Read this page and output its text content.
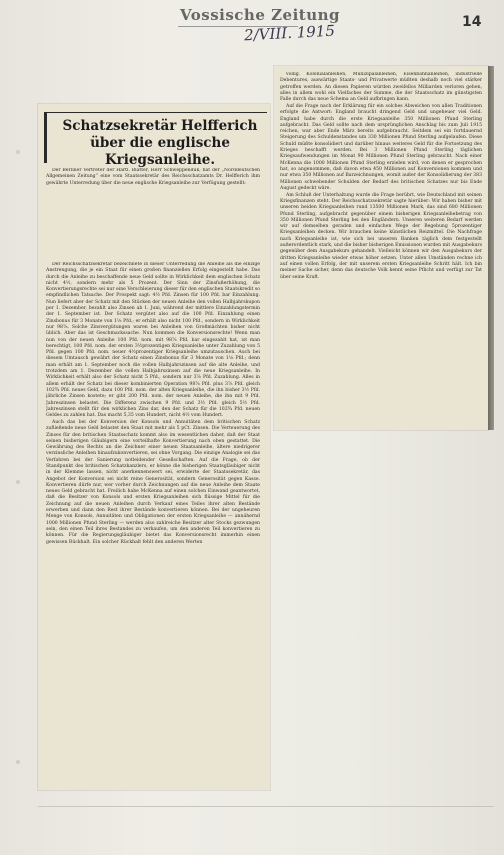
Vossische Zeitung
2/VIII. 1915	14
Schatzsekretär Helfferich über die englische Kriegsanleihe.

Der Berliner Vertreter der Hartl. Blätter, Herr Schweppenduk, hat der „Norddeutschen Allgemeinen Zeitung“ eine vom Staatssekretär des Reichsschatzamts Dr. Helfferich ihm gewährte Unterredung über die neue englische Kriegsanleihe zur Verfügung gestellt:

Der Reichsschatzsekretär bezeichnete in dieser Unterredung die Anleihe als die einzige Anstrengung, die je ein Staat für einen großen finanziellen Erfolg eingestellt habe. Das durch die Anleihe zu beschaffende neue Geld sollte in Wirklichkeit dem englischen Schatz nicht 4½, sondern mehr als 5 Prozent. Der Sinn der Zinsfußerhöhung, die Konvertierungsrechte sei nur eine Verschleierung dieser für den englischen Staatskredit so empfindlichen Tatsache. Der Prospekt sagt: 4½ Pfd. Zinsen für 100 Pfd. bar Einzahlung. Nun liefert aber der Schatz mit den Stücken der neuen Anleihe den vollen Halbjahrskupon per 1. Dezember, bezahlt also Zinsen ab 1. Juni, während der mittlere Einzahlungstermin der 1. September ist. Der Schatz vergütet also auf die 100 Pfd. Einzahlung einen Zinsbonus für 3 Monate von 1⅛ Pfd.; er erhält also nicht 100 Pfd., sondern in Wirklichkeit nur 98⅞. Solche Zinsvergütungen waren bei Anleihen von Großmächten bisher nicht üblich. Aber das ist Geschmackssache. Nun kommen die Konversionsrechte! Wenn man nun von der neuen Anleihe 100 Pfd. nom. mit 98⅞ Pfd. bar eingezahlt hat, ist man berechtigt, 100 Pfd. nom. der ersten 3½prozentigen Kriegsanleihe unter Zuzahlung von 5 Pfd. gegen 100 Pfd. nom. neuer 4½prozentiger Kriegsanleihe umzutauschen. Auch bei diesem Umtausch gewährt der Schatz einen Zinsbonus für 3 Monate von 1⅛ Pfd.; denn man erhält am 1. September noch die vollen Halbjahrszinsen auf die alte Anleihe, und trotzdem am 1. Dezember die vollen Halbjahrszinsen auf die neue Kriegsanleihe. In Wirklichkeit erhält also der Schatz nicht 5 Pfd., sondern nur 3⅞ Pfd. Zuzahlung. Alles in allem erhält der Schatz bei dieser kombinierten Operation 98⅞ Pfd. plus 3⅞ Pfd. gleich 102¾ Pfd. neues Geld, dazu 100 Pfd. nom. der alten Kriegsanleihe, die ihn bisher 3½ Pfd. jährliche Zinsen kostete; er gibt 200 Pfd. nom. der neuen Anleihe, die ihn mit 9 Pfd. Jahreszinsen belastet. Die Differenz zwischen 9 Pfd. und 3½ Pfd. gleich 5½ Pfd. Jahreszinsen stellt für den wirklichen Zins dar, den der Schatz für die 102¾ Pfd. neuen Geldes zu zahlen hat. Das macht 5,35 vom Hundert, nicht 4½ vom Hundert.

Auch das bei der Konversion der Konsols und Annuitäten dem britischen Schatz zufließende neue Geld belastet den Staat mit mehr als 5 pCt. Zinsen. Die Verteuerung des Zinses für den britischen Staatsschatz kommt also im wesentlichen daher, daß der Staat seinen bisherigen Gläubigern eine vorteilhafte Konvertierung nach oben gestattet. Die Gewährung des Rechts an die Zeichner einer neuen Staatsanleihe, ältere niedrigerer verzinsliche Anleihen hinaufzukonvertieren, sei ohne Vorgang. Die einzige Analogie sei das Verfahren bei der Sanierung notleidender Gesellschaften. Auf die Frage, ob der Standpunkt des britischen Schatzkanzlers, er könne die bisherigen Staatsgläubiger nicht in der Klemme lassen, nicht anerkennenswert sei, erwiderte der Staatssekretär, das Angebot der Konversion sei nicht reine Generosität, sondern Generosität gegen Kasse. Konvertieren dürfe nur, wer vorher durch Zeichnungen auf die neue Anleihe dem Staate neues Geld gebracht hat. Freilich habe McKenna auf einen solchen Einwand geantwortet, daß die Besitzer von Konsols und ersten Kriegsanleihen sich flüssige Mittel für die Zeichnung auf die neuen Anleihen durch Verkauf eines Teiles ihrer alten Bestände erwerben und dann den Rest ihrer Bestände konvertieren können. Bei der ungeheuren Menge von Konsols, Annuitäten und Obligationen der ersten Kriegsanleihe — annähernd 1000 Millionen Pfund Sterling — werden also zahlreiche Besitzer alter Stocks gezwungen sein, den einen Teil ihres Bestandes zu verkaufen, um den anderen Teil konvertieren zu können. Für die Regierungsgläubiger bietet das Konversionsrecht immerhin einen gewissen Rückhalt. Ein solcher Rückhalt fehlt den anderen Werten

völlig. Kolonialanleihen, Munizipalanleihen, Eisenbahnanleihen, industrielle Debentures, auswärtige Staats- und Privatwerte müßten deshalb noch viel stärker getroffen werden. An diesen Papieren würden zweifellos Milliarden verloren gehen, alles in allem wohl ein Vielfaches der Summe, die der Staatsschatz im günstigsten Falle durch das neue Schema an Geld aufbringen kann.

Auf die Frage nach der Erklärung für ein solches Abweichen von allen Traditionen erfolgte die Antwort: England braucht dringend Geld und ungeheuer viel Geld. England habe durch die erste Kriegsanleihe 350 Millionen Pfund Sterling aufgebracht. Das Geld sollte nach dem ursprünglichen Anschlag bis zum Juli 1915 reichen, war aber Ende März bereits aufgebraucht. Seitdem sei ein fortdauernd Steigerung des Schuldenstandes um 330 Millionen Pfund Sterling aufgelaufen. Diese Schuld müßte konsolidiert und darüber hinaus weiteres Geld für die Fortsetzung des Krieges beschafft werden. Bei 3 Millionen Pfund Sterling täglichen Kriegsaufwendungen im Monat 90 Millionen Pfund Sterling gebraucht. Nach einer McKenna die 1000 Millionen Pfund Sterling erzielen wird, von denen er gesprochen hat, so angenommen, daß davon etwa 450 Millionen auf Konversionen kommen und nur etwa 350 Millionen auf Barzeichnungen, womit außer der Konsolidierung der 383 Millionen schwebender Schulden der Bedarf des britischen Schatzes nur bis Ende August gedeckt wäre.

Am Schluß der Unterhaltung wurde die Frage berührt, wie Deutschland mit seinen Kriegsfinanzen steht. Der Reichsschatzsekretär sagte hierüber: Wir haben bisher mit unseren beiden Kriegsanleihen rund 13500 Millionen Mark, das sind 680 Millionen Pfund Sterling, aufgebracht gegenüber einem bisherigen Kriegsanleihebetrag von 350 Millionen Pfund Sterling bei den Engländern. Unseren weiteren Bedarf werden wir auf demselben geraden und einfachen Wege der Begebung 5prozentiger Kriegsanleihen decken. Wir brauchen keine künstlichen Reizmittel. Die Nachfrage nach Kriegsanleihe ist, wie sich bei unseren Banken täglich dem festgestellt außerordentlich stark, und die bisher bisherigen Emissionen wurden mit Ausgabekurs gegenüber dem Ausgabekurs gehandelt. Vielleicht können wir den Ausgabekurs der dritten Kriegsanleihe wieder etwas höher setzen. Unter allen Umständen rechne ich auf einen vollen Erfolg, der mit unserem ersten Kriegsanleihe Schritt hält. Ich bin meiner Sache sicher, denn das deutsche Volk kennt seine Pflicht und verfügt zur Tat über seine Kraft.
